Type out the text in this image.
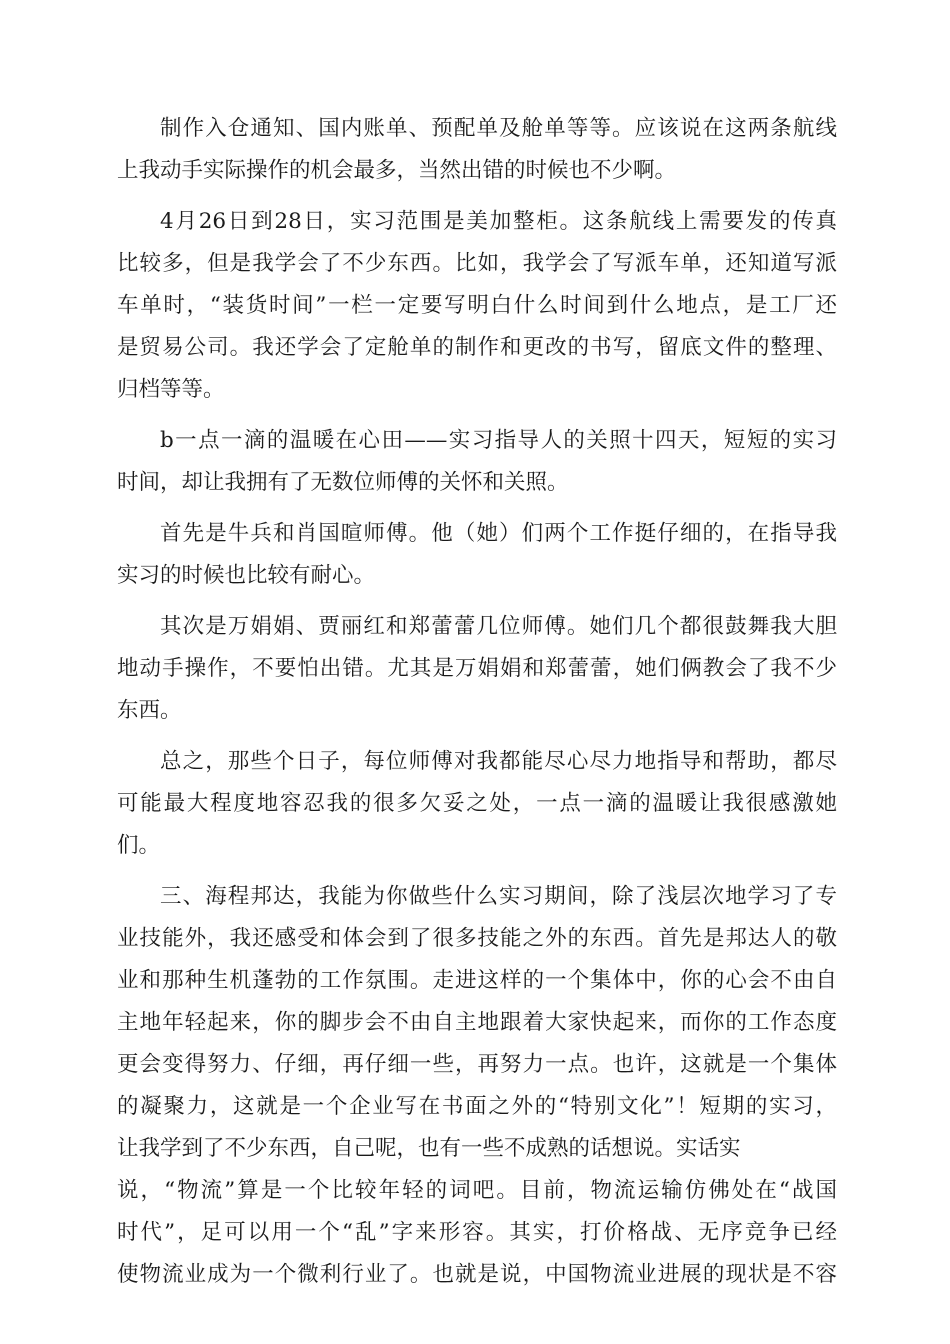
制作入仓通知、国内账单、预配单及舱单等等。应该说在这两条航线
上我动手实际操作的机会最多，当然出错的时候也不少啊。
4月26日到28日，实习范围是美加整柜。这条航线上需要发的传真
比较多，但是我学会了不少东西。比如，我学会了写派车单，还知道写派
车单时，“装货时间”一栏一定要写明白什么时间到什么地点，是工厂还
是贸易公司。我还学会了定舱单的制作和更改的书写，留底文件的整理、
归档等等。
b一点一滴的温暖在心田——实习指导人的关照十四天，短短的实习
时间，却让我拥有了无数位师傅的关怀和关照。
首先是牛兵和肖国暄师傅。他（她）们两个工作挺仔细的，在指导我
实习的时候也比较有耐心。
其次是万娟娟、贾丽红和郑蕾蕾几位师傅。她们几个都很鼓舞我大胆
地动手操作，不要怕出错。尤其是万娟娟和郑蕾蕾，她们俩教会了我不少
东西。
总之，那些个日子，每位师傅对我都能尽心尽力地指导和帮助，都尽
可能最大程度地容忍我的很多欠妥之处，一点一滴的温暖让我很感激她
们。
三、海程邦达，我能为你做些什么实习期间，除了浅层次地学习了专
业技能外，我还感受和体会到了很多技能之外的东西。首先是邦达人的敬
业和那种生机蓬勃的工作氛围。走进这样的一个集体中，你的心会不由自
主地年轻起来，你的脚步会不由自主地跟着大家快起来，而你的工作态度
更会变得努力、仔细，再仔细一些，再努力一点。也许，这就是一个集体
的凝聚力，这就是一个企业写在书面之外的“特别文化”！短期的实习，
让我学到了不少东西，自己呢，也有一些不成熟的话想说。实话实
说，“物流”算是一个比较年轻的词吧。目前，物流运输仿佛处在“战国
时代”，足可以用一个“乱”字来形容。其实，打价格战、无序竞争已经
使物流业成为一个微利行业了。也就是说，中国物流业进展的现状是不容
